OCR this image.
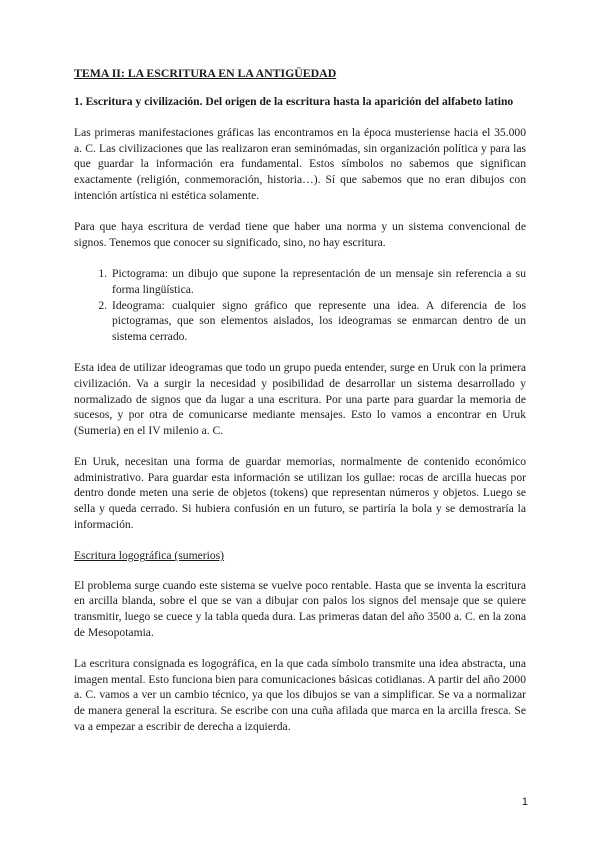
TEMA II: LA ESCRITURA EN LA ANTIGÜEDAD
1. Escritura y civilización. Del origen de la escritura hasta la aparición del alfabeto latino

Las primeras manifestaciones gráficas las encontramos en la época musteriense hacia el 35.000 a. C. Las civilizaciones que las realizaron eran seminómadas, sin organización política y para las que guardar la información era fundamental. Estos símbolos no sabemos que significan exactamente (religión, conmemoración, historia…). Sí que sabemos que no eran dibujos con intención artística ni estética solamente.

Para que haya escritura de verdad tiene que haber una norma y un sistema convencional de signos. Tenemos que conocer su significado, sino, no hay escritura.

1. Pictograma: un dibujo que supone la representación de un mensaje sin referencia a su forma lingüística.
2. Ideograma: cualquier signo gráfico que represente una idea. A diferencia de los pictogramas, que son elementos aislados, los ideogramas se enmarcan dentro de un sistema cerrado.

Esta idea de utilizar ideogramas que todo un grupo pueda entender, surge en Uruk con la primera civilización. Va a surgir la necesidad y posibilidad de desarrollar un sistema desarrollado y normalizado de signos que da lugar a una escritura. Por una parte para guardar la memoria de sucesos, y por otra de comunicarse mediante mensajes. Esto lo vamos a encontrar en Uruk (Sumeria) en el IV milenio a. C.

En Uruk, necesitan una forma de guardar memorias, normalmente de contenido económico administrativo. Para guardar esta información se utilizan los gullae: rocas de arcilla huecas por dentro donde meten una serie de objetos (tokens) que representan números y objetos. Luego se sella y queda cerrado. Si hubiera confusión en un futuro, se partiría la bola y se demostraría la información.

Escritura logográfica (sumerios)

El problema surge cuando este sistema se vuelve poco rentable. Hasta que se inventa la escritura en arcilla blanda, sobre el que se van a dibujar con palos los signos del mensaje que se quiere transmitir, luego se cuece y la tabla queda dura. Las primeras datan del año 3500 a. C. en la zona de Mesopotamia.

La escritura consignada es logográfica, en la que cada símbolo transmite una idea abstracta, una imagen mental. Esto funciona bien para comunicaciones básicas cotidianas. A partir del año 2000 a. C. vamos a ver un cambio técnico, ya que los dibujos se van a simplificar. Se va a normalizar de manera general la escritura. Se escribe con una cuña afilada que marca en la arcilla fresca. Se va a empezar a escribir de derecha a izquierda.

1
